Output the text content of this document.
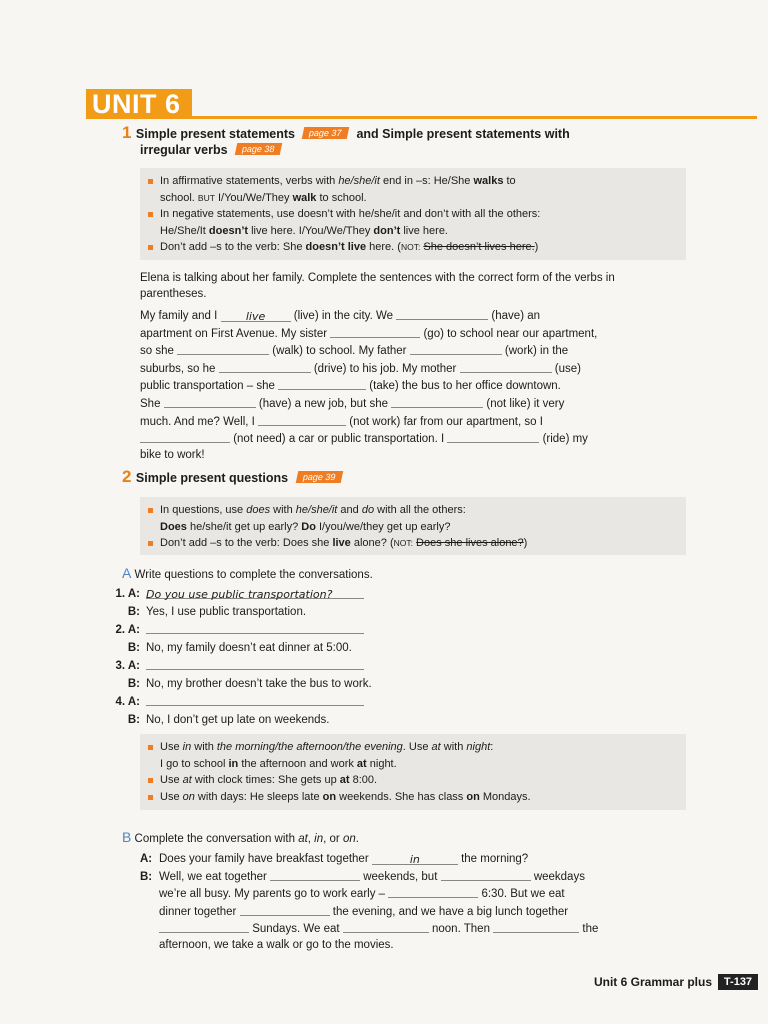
UNIT 6
1 Simple present statements page 37 and Simple present statements with
irregular verbs page 38
In affirmative statements, verbs with he/she/it end in –s: He/She walks to
school. BUT I/You/We/They walk to school.
In negative statements, use doesn’t with he/she/it and don’t with all the others:
He/She/It doesn’t live here. I/You/We/They don’t live here.
Don’t add –s to the verb: She doesn’t live here. (NOT: She doesn’t lives here.)
Elena is talking about her family. Complete the sentences with the correct form of the verbs in
parentheses.
My family and I	live (live) in the city. We	(have) an
apartment on First Avenue. My sister	(go) to school near our apartment,
so she	(walk) to school. My father	(work) in the
suburbs, so he	(drive) to his job. My mother	(use)
public transportation – she	(take) the bus to her office downtown.
She	(have) a new job, but she	(not like) it very
much. And me? Well, I	(not work) far from our apartment, so I
(not need) a car or public transportation. I	(ride) my
bike to work!
2 Simple present questions page 39
In questions, use does with he/she/it and do with all the others:
Does he/she/it get up early? Do I/you/we/they get up early?
Don’t add –s to the verb: Does she live alone? (NOT: Does she lives alone?)
A Write questions to complete the conversations.
1. A: Do you use public transportation?
B: Yes, I use public transportation.
2. A:
B: No, my family doesn’t eat dinner at 5:00.
3. A:
B: No, my brother doesn’t take the bus to work.
4. A:
B: No, I don’t get up late on weekends.
Use in with the morning/the afternoon/the evening. Use at with night:
I go to school in the afternoon and work at night.
Use at with clock times: She gets up at 8:00.
Use on with days: He sleeps late on weekends. She has class on Mondays.
B Complete the conversation with at, in, or on.
A: Does your family have breakfast together	in	the morning?
B: Well, we eat together	weekends, but	weekdays
we’re all busy. My parents go to work early –	6:30. But we eat
dinner together	the evening, and we have a big lunch together
Sundays. We eat	noon. Then	the
afternoon, we take a walk or go to the movies.
Unit 6 Grammar plus	T-137
